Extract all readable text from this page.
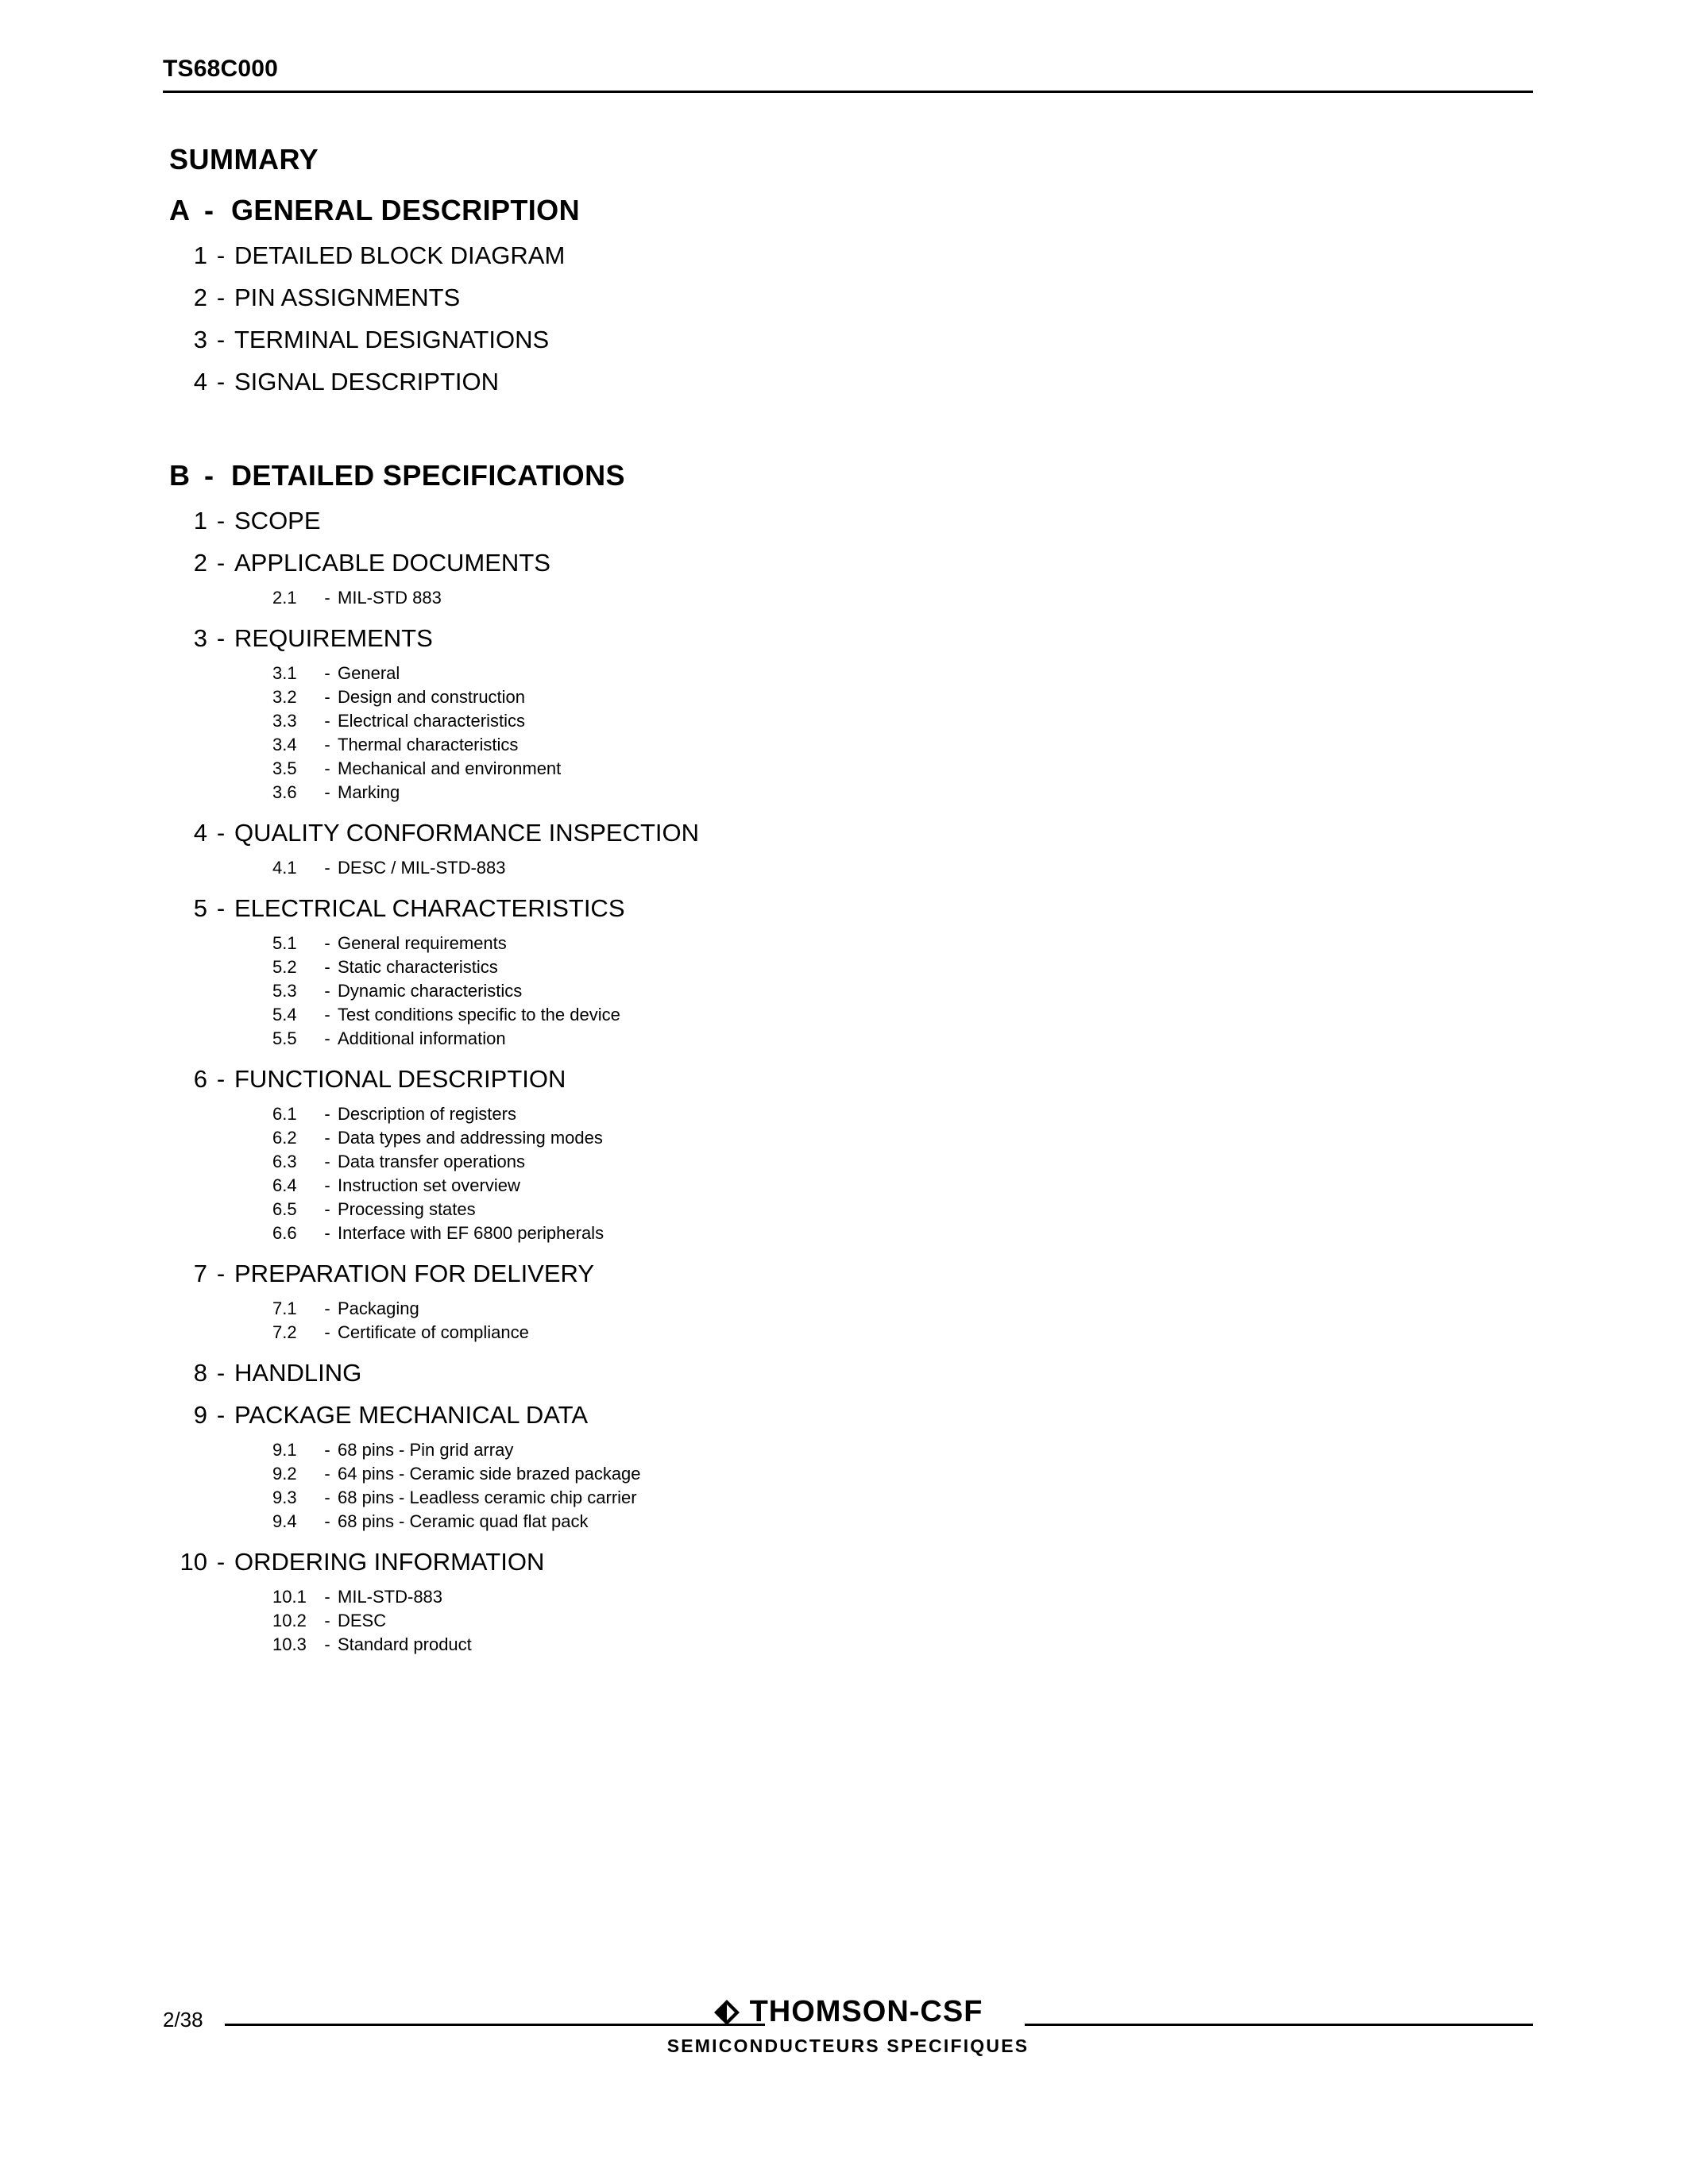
TS68C000
SUMMARY
A - GENERAL DESCRIPTION
1 - DETAILED BLOCK DIAGRAM
2 - PIN ASSIGNMENTS
3 - TERMINAL DESIGNATIONS
4 - SIGNAL DESCRIPTION
B - DETAILED SPECIFICATIONS
1 - SCOPE
2 - APPLICABLE DOCUMENTS
2.1	- MIL-STD 883
3 - REQUIREMENTS
3.1	- General
3.2	- Design and construction
3.3	- Electrical characteristics
3.4	- Thermal characteristics
3.5	- Mechanical and environment
3.6	- Marking
4 - QUALITY CONFORMANCE INSPECTION
4.1	- DESC / MIL-STD-883
5 - ELECTRICAL CHARACTERISTICS
5.1	- General requirements
5.2	- Static characteristics
5.3	- Dynamic characteristics
5.4	- Test conditions specific to the device
5.5	- Additional information
6 - FUNCTIONAL DESCRIPTION
6.1	- Description of registers
6.2	- Data types and addressing modes
6.3	- Data transfer operations
6.4	- Instruction set overview
6.5	- Processing states
6.6	- Interface with EF 6800 peripherals
7 - PREPARATION FOR DELIVERY
7.1	- Packaging
7.2	- Certificate of compliance
8 - HANDLING
9 - PACKAGE MECHANICAL DATA
9.1	- 68 pins - Pin grid array
9.2	- 64 pins - Ceramic side brazed package
9.3	- 68 pins - Leadless ceramic chip carrier
9.4	- 68 pins - Ceramic quad flat pack
10 - ORDERING INFORMATION
10.1	- MIL-STD-883
10.2	- DESC
10.3	- Standard product
2/38	THOMSON-CSF
SEMICONDUCTEURS SPECIFIQUES
